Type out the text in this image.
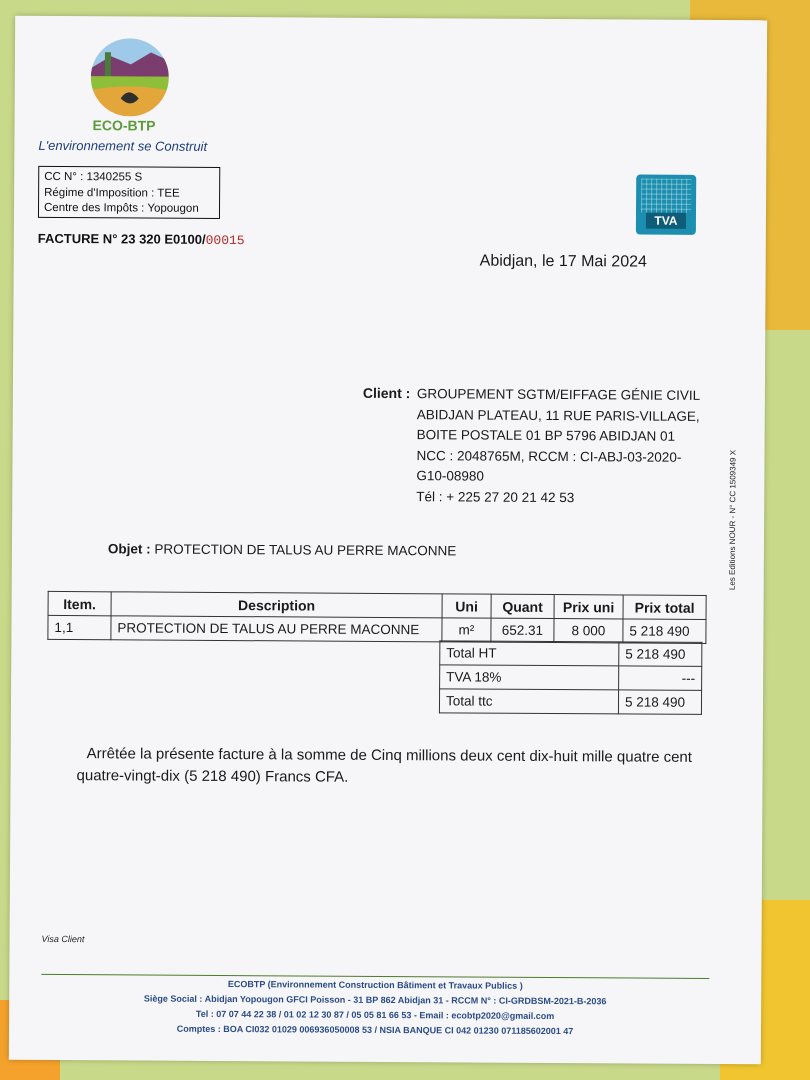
ECO-BTP
L'environnement se Construit
CC N° : 1340255 S
Régime d'Imposition : TEE
Centre des Impôts : Yopougon
FACTURE N° 23 320 E0100/00015
TVA
Abidjan, le 17 Mai 2024
Client : GROUPEMENT SGTM/EIFFAGE GÉNIE CIVIL
ABIDJAN PLATEAU, 11 RUE PARIS-VILLAGE,
BOITE POSTALE 01 BP 5796 ABIDJAN 01
NCC : 2048765M, RCCM : CI-ABJ-03-2020-
G10-08980
Tél : + 225 27 20 21 42 53	Les Editions NOUR - N° CC 1509349 X
Objet : PROTECTION DE TALUS AU PERRE MACONNE
Item.	Description	Uni	Quant	Prix uni	Prix total
1,1	PROTECTION DE TALUS AU PERRE MACONNE	m²	652.31	8 000	5 218 490
Total HT	5 218 490
TVA 18%	---
Total ttc	5 218 490
Arrêtée la présente facture à la somme de Cinq millions deux cent dix-huit mille quatre cent quatre-vingt-dix (5 218 490) Francs CFA.
Visa Client
ECOBTP (Environnement Construction Bâtiment et Travaux Publics )
Siège Social : Abidjan Yopougon GFCI Poisson - 31 BP 862 Abidjan 31 - RCCM N° : CI-GRDBSM-2021-B-2036
Tel : 07 07 44 22 38 / 01 02 12 30 87 / 05 05 81 66 53 - Email : ecobtp2020@gmail.com
Comptes : BOA CI032 01029 006936050008 53 / NSIA BANQUE CI 042 01230 071185602001 47
